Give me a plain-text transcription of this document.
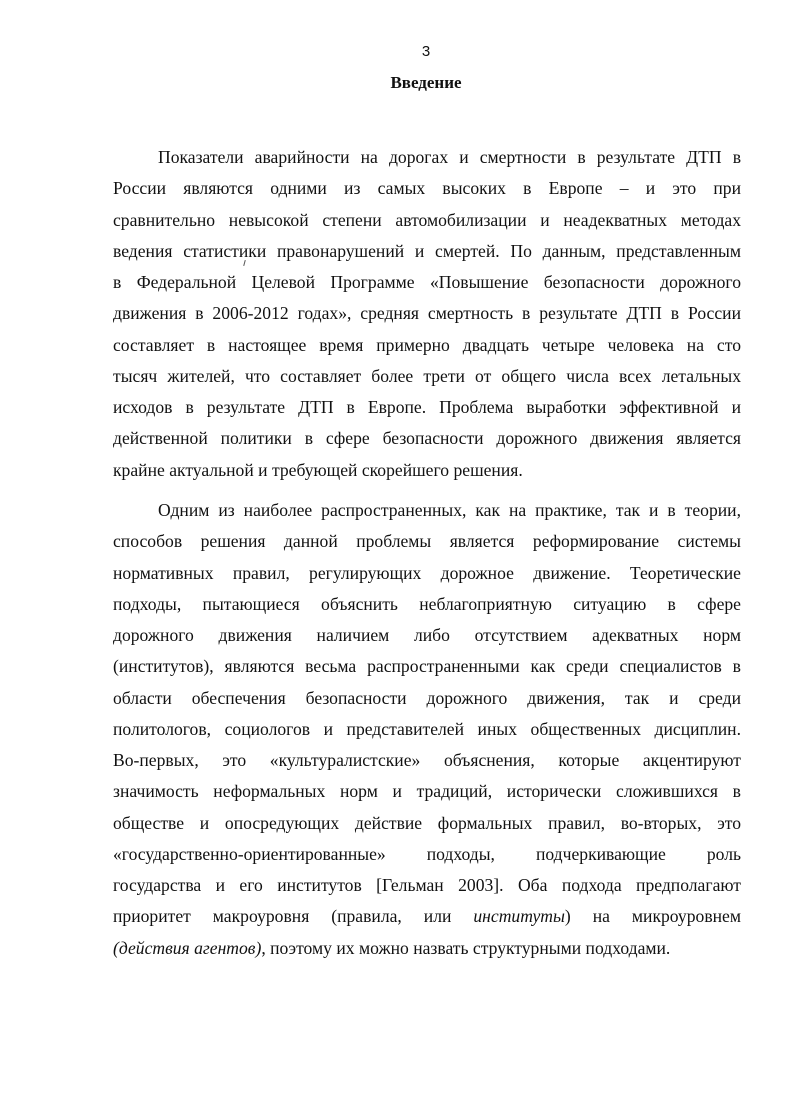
3
Введение
Показатели аварийности на дорогах и смертности в результате ДТП в
России являются одними из самых высоких в Европе – и это при
сравнительно невысокой степени автомобилизации и неадекватных методах
ведения статистики правонарушений и смертей. По данным, представленным
в Федеральной Целевой Программе «Повышение безопасности дорожного
движения в 2006-2012 годах», средняя смертность в результате ДТП в России
составляет в настоящее время примерно двадцать четыре человека на сто
тысяч жителей, что составляет более трети от общего числа всех летальных
исходов в результате ДТП в Европе. Проблема выработки эффективной и
действенной политики в сфере безопасности дорожного движения является
крайне актуальной и требующей скорейшего решения.
Одним из наиболее распространенных, как на практике, так и в теории,
способов решения данной проблемы является реформирование системы
нормативных правил, регулирующих дорожное движение. Теоретические
подходы, пытающиеся объяснить неблагоприятную ситуацию в сфере
дорожного движения наличием либо отсутствием адекватных норм
(институтов), являются весьма распространенными как среди специалистов в
области обеспечения безопасности дорожного движения, так и среди
политологов, социологов и представителей иных общественных дисциплин.
Во-первых, это «культуралистские» объяснения, которые акцентируют
значимость неформальных норм и традиций, исторически сложившихся в
обществе и опосредующих действие формальных правил, во-вторых, это
«государственно-ориентированные» подходы, подчеркивающие роль
государства и его институтов [Гельман 2003]. Оба подхода предполагают
приоритет макроуровня (правила, или институты) на микроуровнем
(действия агентов), поэтому их можно назвать структурными подходами.
